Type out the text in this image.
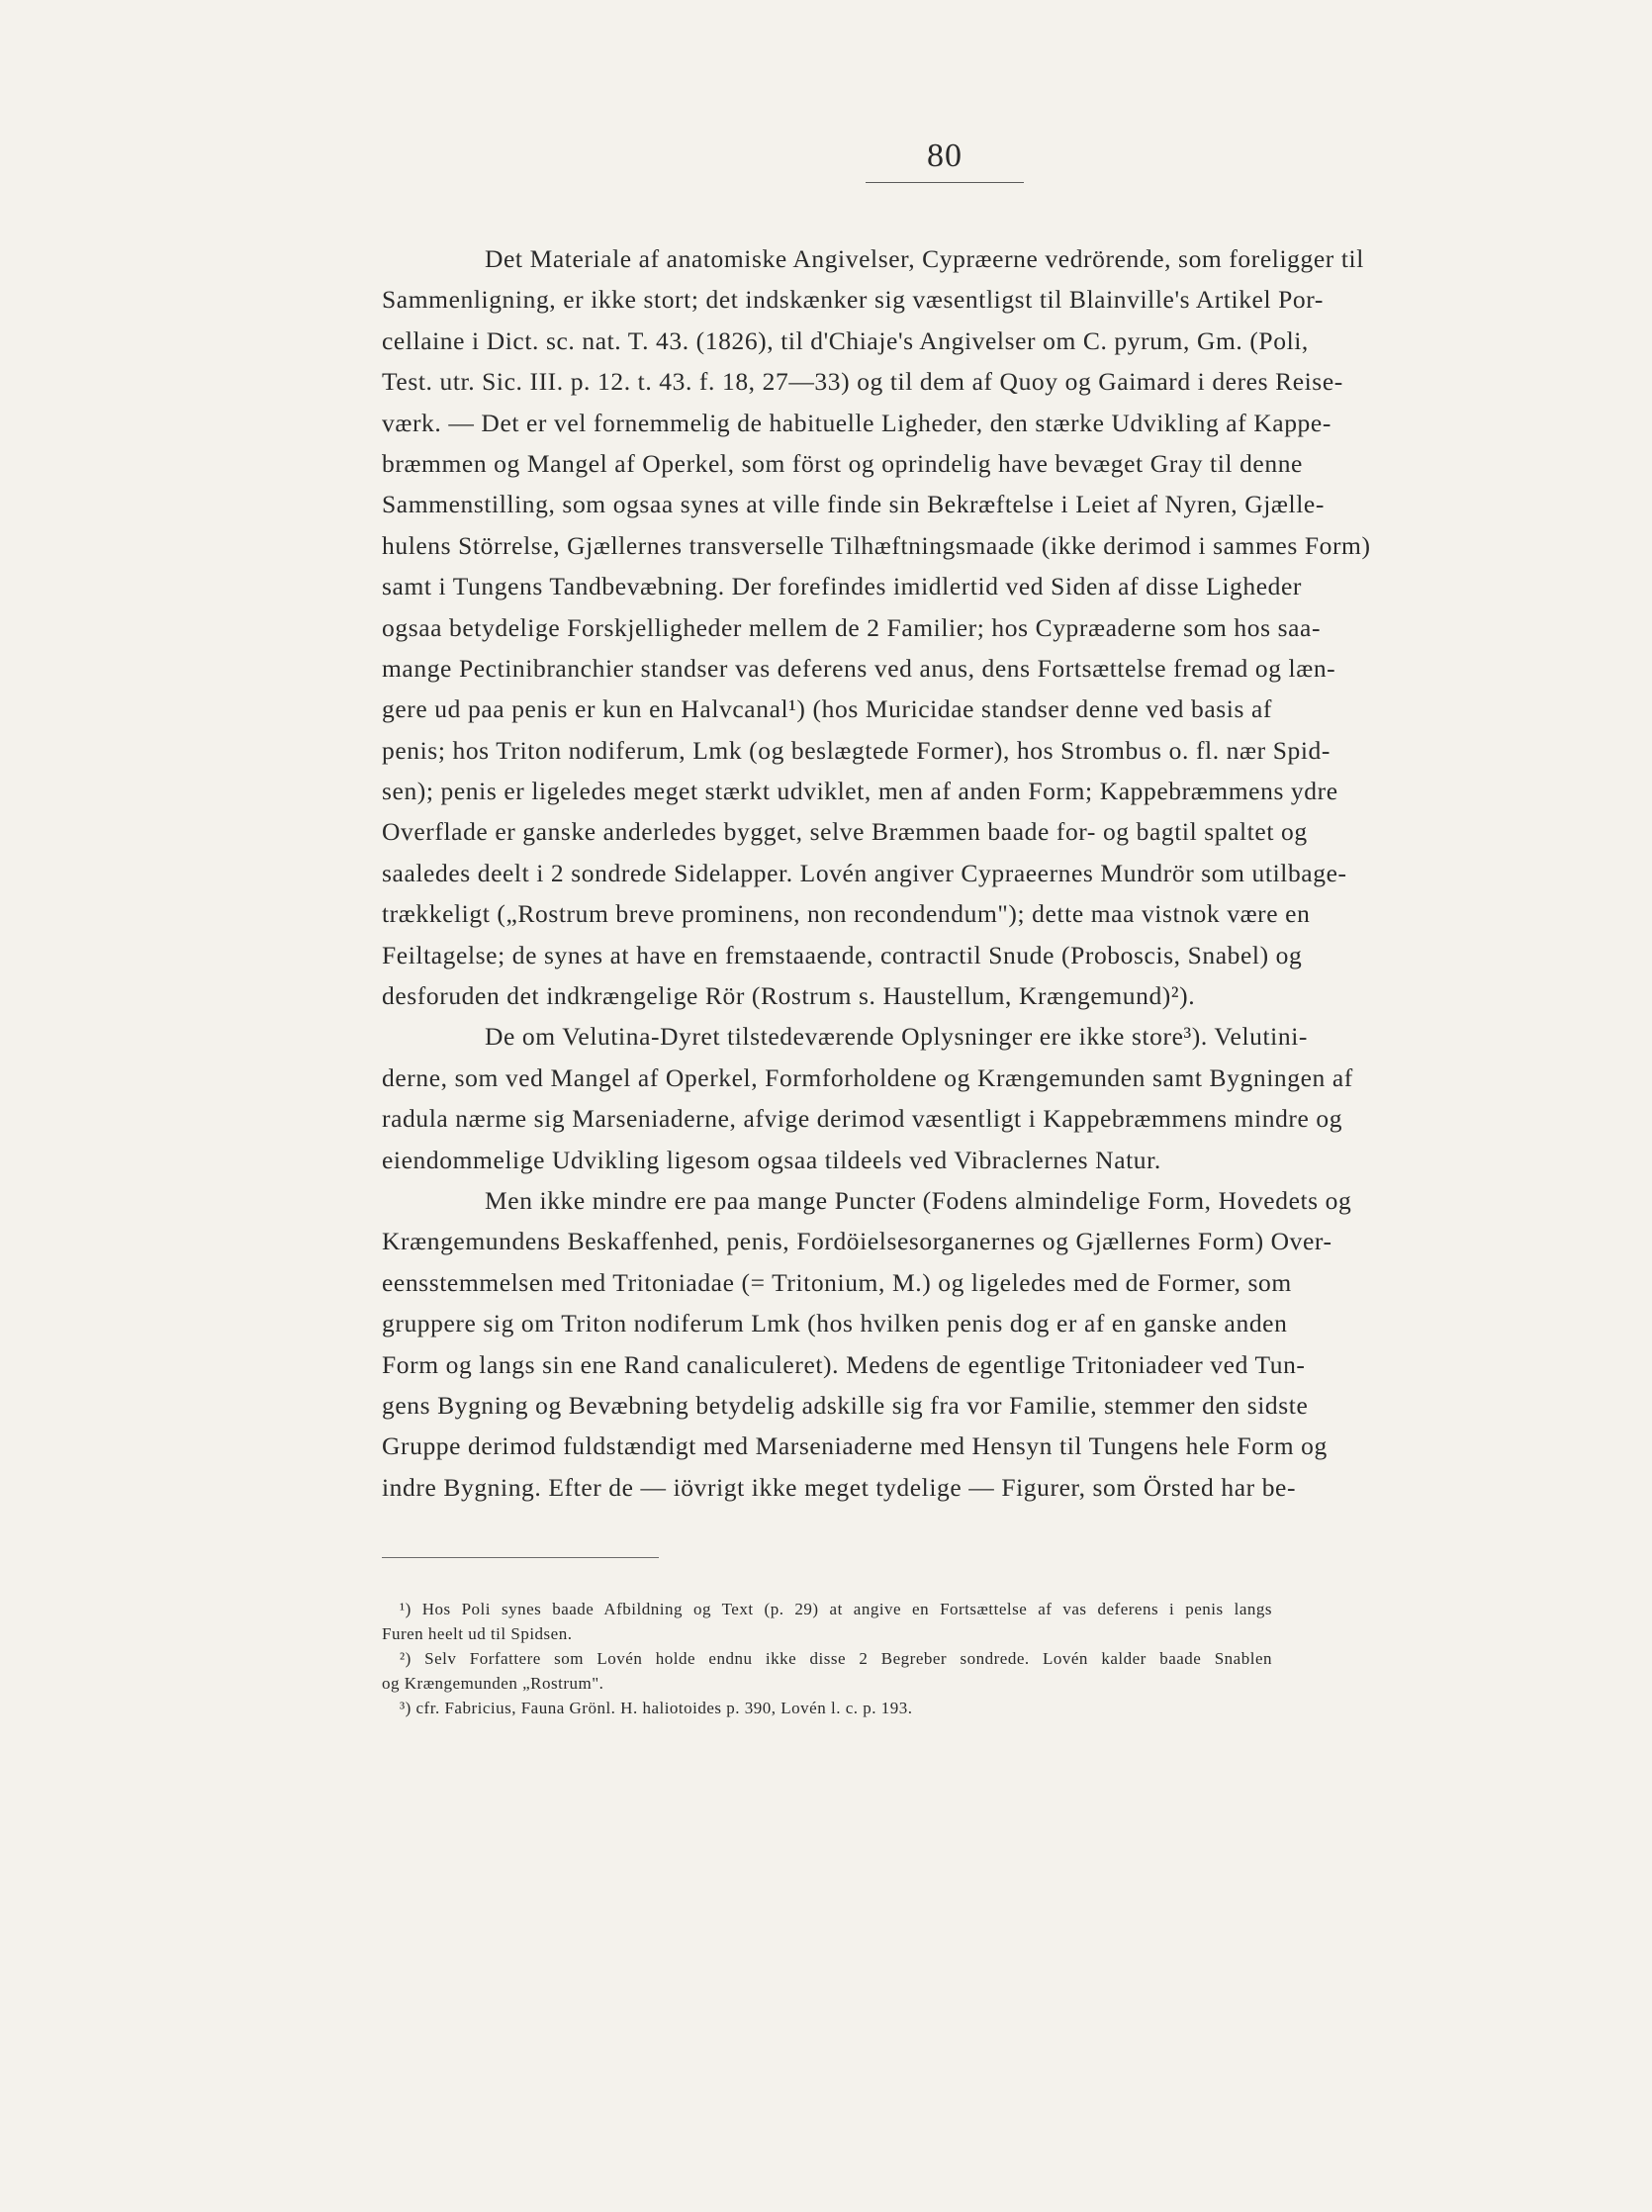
80
Det Materiale af anatomiske Angivelser, Cypræerne vedrörende, som foreligger til
Sammenligning, er ikke stort; det indskænker sig væsentligst til Blainville's Artikel Por-
cellaine i Dict. sc. nat. T. 43. (1826), til d'Chiaje's Angivelser om C. pyrum, Gm. (Poli,
Test. utr. Sic. III. p. 12. t. 43. f. 18, 27—33) og til dem af Quoy og Gaimard i deres Reise-
værk. — Det er vel fornemmelig de habituelle Ligheder, den stærke Udvikling af Kappe-
bræmmen og Mangel af Operkel, som först og oprindelig have bevæget Gray til denne
Sammenstilling, som ogsaa synes at ville finde sin Bekræftelse i Leiet af Nyren, Gjælle-
hulens Störrelse, Gjællernes transverselle Tilhæftningsmaade (ikke derimod i sammes Form)
samt i Tungens Tandbevæbning. Der forefindes imidlertid ved Siden af disse Ligheder
ogsaa betydelige Forskjelligheder mellem de 2 Familier; hos Cypræaderne som hos saa-
mange Pectinibranchier standser vas deferens ved anus, dens Fortsættelse fremad og læn-
gere ud paa penis er kun en Halvcanal¹) (hos Muricidae standser denne ved basis af
penis; hos Triton nodiferum, Lmk (og beslægtede Former), hos Strombus o. fl. nær Spid-
sen); penis er ligeledes meget stærkt udviklet, men af anden Form; Kappebræmmens ydre
Overflade er ganske anderledes bygget, selve Bræmmen baade for- og bagtil spaltet og
saaledes deelt i 2 sondrede Sidelapper. Lovén angiver Cypraeernes Mundrör som utilbage-
trækkeligt („Rostrum breve prominens, non recondendum"); dette maa vistnok være en
Feiltagelse; de synes at have en fremstaaende, contractil Snude (Proboscis, Snabel) og
desforuden det indkrængelige Rör (Rostrum s. Haustellum, Krængemund)²).
De om Velutina-Dyret tilstedeværende Oplysninger ere ikke store³). Velutini-
derne, som ved Mangel af Operkel, Formforholdene og Krængemunden samt Bygningen af
radula nærme sig Marseniaderne, afvige derimod væsentligt i Kappebræmmens mindre og
eiendommelige Udvikling ligesom ogsaa tildeels ved Vibraclernes Natur.
Men ikke mindre ere paa mange Puncter (Fodens almindelige Form, Hovedets og
Krængemundens Beskaffenhed, penis, Fordöielsesorganernes og Gjællernes Form) Over-
eensstemmelsen med Tritoniadae (= Tritonium, M.) og ligeledes med de Former, som
gruppere sig om Triton nodiferum Lmk (hos hvilken penis dog er af en ganske anden
Form og langs sin ene Rand canaliculeret). Medens de egentlige Tritoniadeer ved Tun-
gens Bygning og Bevæbning betydelig adskille sig fra vor Familie, stemmer den sidste
Gruppe derimod fuldstændigt med Marseniaderne med Hensyn til Tungens hele Form og
indre Bygning. Efter de — iövrigt ikke meget tydelige — Figurer, som Örsted har be-
¹) Hos Poli synes baade Afbildning og Text (p. 29) at angive en Fortsættelse af vas deferens i penis langs
Furen heelt ud til Spidsen.
²) Selv Forfattere som Lovén holde endnu ikke disse 2 Begreber sondrede. Lovén kalder baade Snablen
og Krængemunden „Rostrum".
³) cfr. Fabricius, Fauna Grönl. H. haliotoides p. 390, Lovén l. c. p. 193.
